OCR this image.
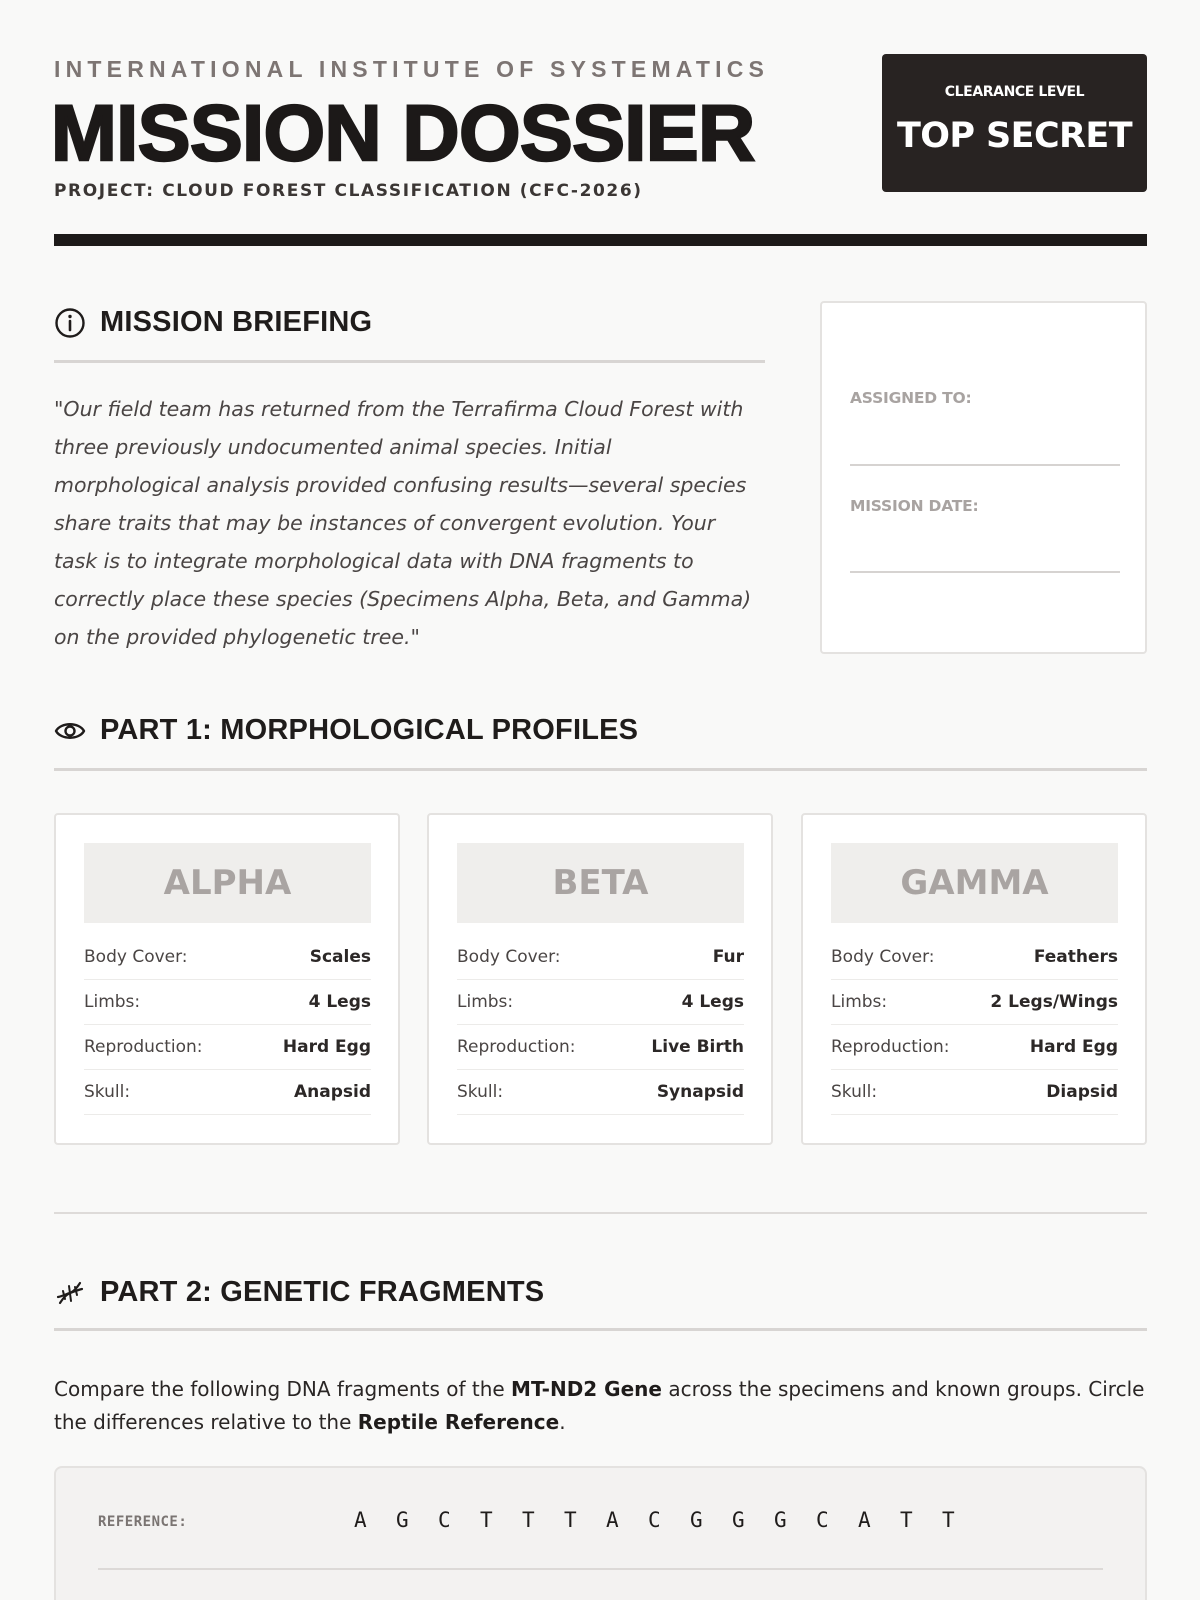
INTERNATIONAL INSTITUTE OF SYSTEMATICS
MISSION DOSSIER
PROJECT: CLOUD FOREST CLASSIFICATION (CFC-2026)
CLEARANCE LEVEL
TOP SECRET
MISSION BRIEFING

"Our field team has returned from the Terrafirma Cloud Forest with three previously undocumented animal species. Initial morphological analysis provided confusing results—several species share traits that may be instances of convergent evolution. Your task is to integrate morphological data with DNA fragments to correctly place these species (Specimens Alpha, Beta, and Gamma) on the provided phylogenetic tree."

ASSIGNED TO:
MISSION DATE:
PART 1: MORPHOLOGICAL PROFILES
ALPHA
Body Cover:	Scales
Limbs:	4 Legs
Reproduction:	Hard Egg
Skull:	Anapsid
BETA
Body Cover:	Fur
Limbs:	4 Legs
Reproduction:	Live Birth
Skull:	Synapsid
GAMMA
Body Cover:	Feathers
Limbs:	2 Legs/Wings
Reproduction:	Hard Egg
Skull:	Diapsid
PART 2: GENETIC FRAGMENTS

Compare the following DNA fragments of the MT-ND2 Gene across the specimens and known groups. Circle the differences relative to the Reptile Reference.

REFERENCE:	A	G	C	T	T	T	A	C	G	G	G	C	A	T	T
